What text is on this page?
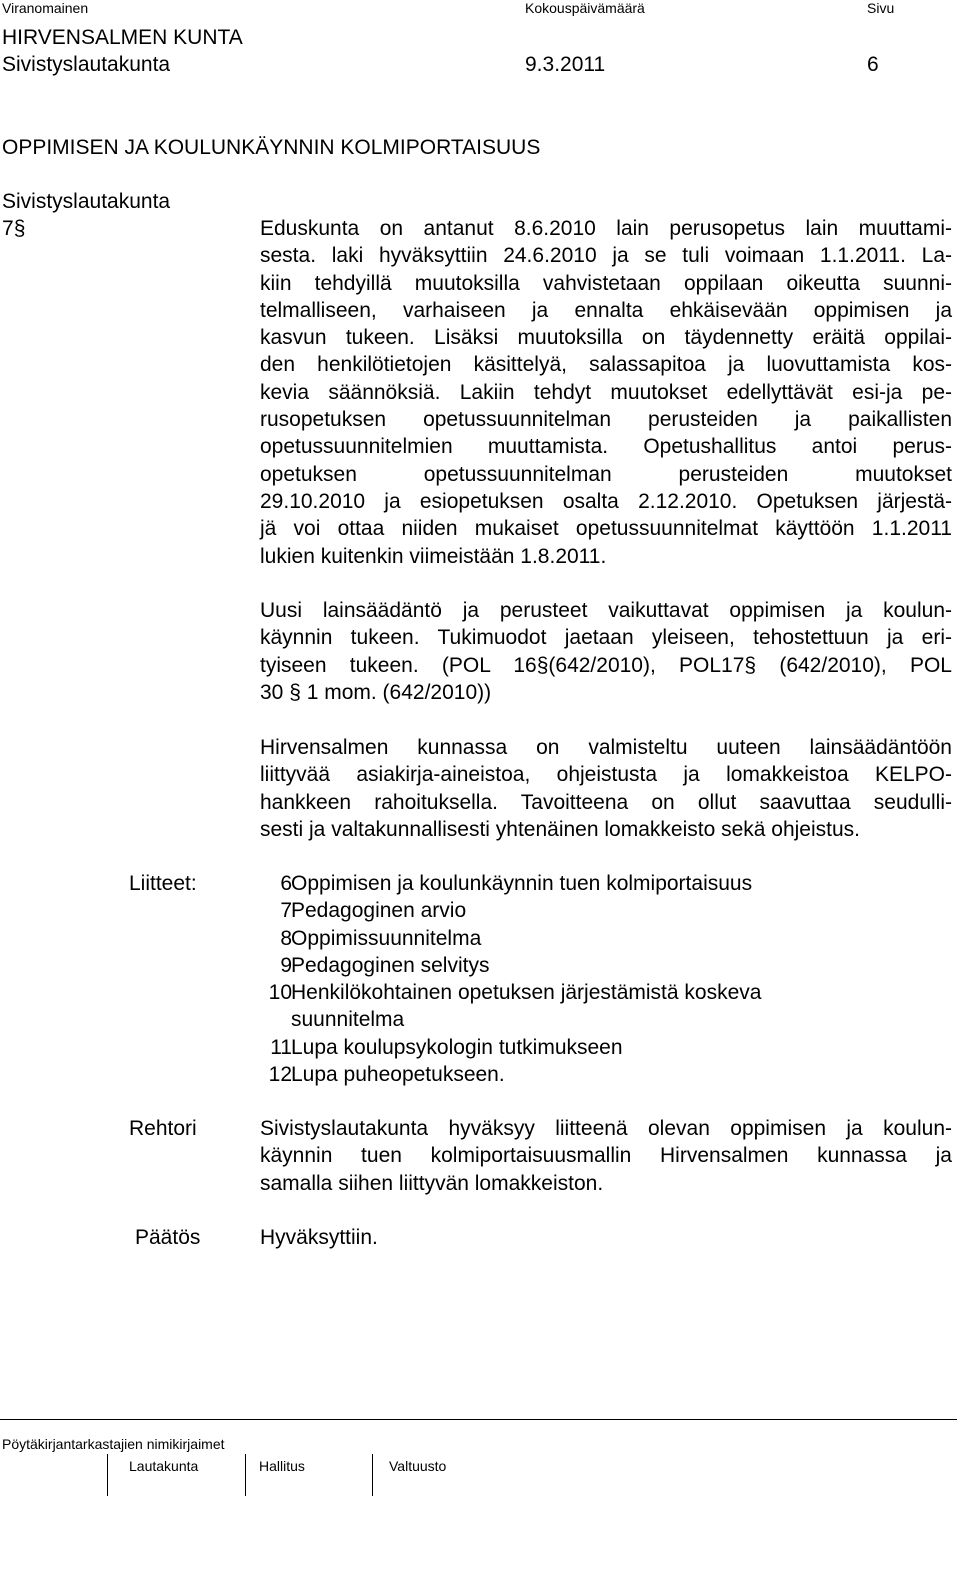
Viranomainen	Kokouspäivämäärä	Sivu
HIRVENSALMEN KUNTA
Sivistyslautakunta	9.3.2011	6
OPPIMISEN JA KOULUNKÄYNNIN KOLMIPORTAISUUS
Sivistyslautakunta
7§	Eduskunta on antanut 8.6.2010 lain perusopetus lain muuttami-
sesta. laki hyväksyttiin 24.6.2010 ja se tuli voimaan 1.1.2011. La-
kiin tehdyillä muutoksilla vahvistetaan oppilaan oikeutta suunni-
telmalliseen, varhaiseen ja ennalta ehkäisevään oppimisen ja
kasvun tukeen. Lisäksi muutoksilla on täydennetty eräitä oppilai-
den henkilötietojen käsittelyä, salassapitoa ja luovuttamista kos-
kevia säännöksiä. Lakiin tehdyt muutokset edellyttävät esi-ja pe-
rusopetuksen opetussuunnitelman perusteiden ja paikallisten
opetussuunnitelmien muuttamista. Opetushallitus antoi perus-
opetuksen opetussuunnitelman perusteiden muutokset
29.10.2010 ja esiopetuksen osalta 2.12.2010. Opetuksen järjestä-
jä voi ottaa niiden mukaiset opetussuunnitelmat käyttöön 1.1.2011
lukien kuitenkin viimeistään 1.8.2011.
Uusi lainsäädäntö ja perusteet vaikuttavat oppimisen ja koulun-
käynnin tukeen. Tukimuodot jaetaan yleiseen, tehostettuun ja eri-
tyiseen tukeen. (POL 16§(642/2010), POL17§ (642/2010), POL
30 § 1 mom. (642/2010))
Hirvensalmen kunnassa on valmisteltu uuteen lainsäädäntöön
liittyvää asiakirja-aineistoa, ohjeistusta ja lomakkeistoa KELPO-
hankkeen rahoituksella. Tavoitteena on ollut saavuttaa seudulli-
sesti ja valtakunnallisesti yhtenäinen lomakkeisto sekä ohjeistus.
Liitteet:	6Oppimisen ja koulunkäynnin tuen kolmiportaisuus
7Pedagoginen arvio
8Oppimissuunnitelma
9Pedagoginen selvitys
10Henkilökohtainen opetuksen järjestämistä koskeva
suunnitelma
11Lupa koulupsykologin tutkimukseen
12Lupa puheopetukseen.
Rehtori	Sivistyslautakunta hyväksyy liitteenä olevan oppimisen ja koulun-
käynnin tuen kolmiportaisuusmallin Hirvensalmen kunnassa ja
samalla siihen liittyvän lomakkeiston.
Päätös	Hyväksyttiin.
Pöytäkirjantarkastajien nimikirjaimet
Lautakunta	Hallitus	Valtuusto
